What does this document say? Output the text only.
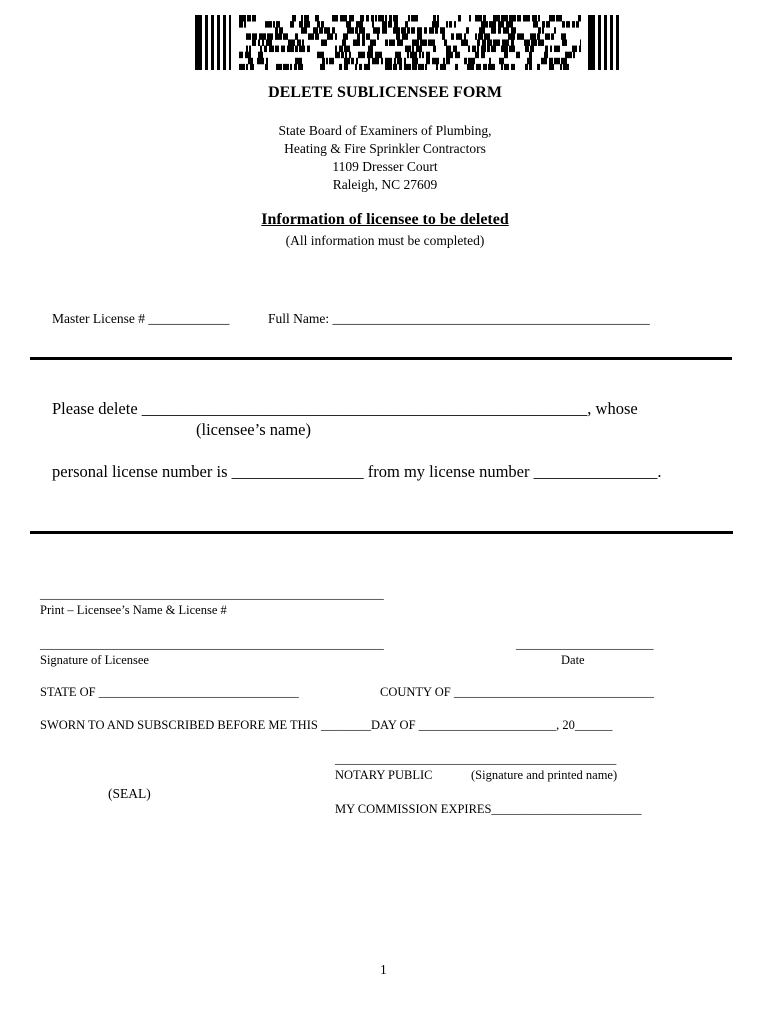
DELETE SUBLICENSEE FORM
State Board of Examiners of Plumbing,
Heating & Fire Sprinkler Contractors
1109 Dresser Court
Raleigh, NC 27609
Information of licensee to be deleted
(All information must be completed)
Master License # ____________	Full Name: _______________________________________________
Please delete ______________________________________________________, whose
(licensee’s name)
personal license number is ________________ from my license number _______________.
_______________________________________________________
Print – Licensee’s Name & License #
_______________________________________________________	______________________
Signature of Licensee	Date
STATE OF ________________________________	COUNTY OF ________________________________
SWORN TO AND SUBSCRIBED BEFORE ME THIS ________DAY OF ______________________, 20______
_____________________________________________
NOTARY PUBLIC	(Signature and printed name)
(SEAL)
MY COMMISSION EXPIRES________________________
1
